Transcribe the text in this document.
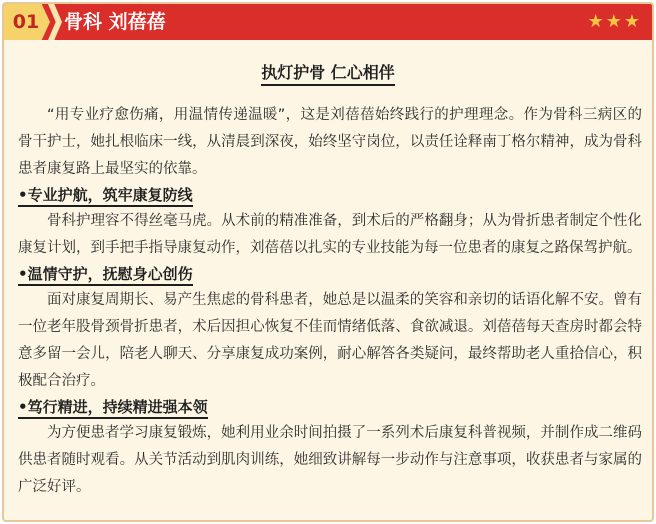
01 骨科 刘蓓蓓	★★★
执灯护骨 仁心相伴

“用专业疗愈伤痛，用温情传递温暖”，这是刘蓓蓓始终践行的护理理念。作为骨科三病区的骨干护士，她扎根临床一线，从清晨到深夜，始终坚守岗位，以责任诠释南丁格尔精神，成为骨科患者康复路上最坚实的依靠。

•专业护航，筑牢康复防线

骨科护理容不得丝毫马虎。从术前的精准准备，到术后的严格翻身；从为骨折患者制定个性化康复计划，到手把手指导康复动作，刘蓓蓓以扎实的专业技能为每一位患者的康复之路保驾护航。

•温情守护，抚慰身心创伤

面对康复周期长、易产生焦虑的骨科患者，她总是以温柔的笑容和亲切的话语化解不安。曾有一位老年股骨颈骨折患者，术后因担心恢复不佳而情绪低落、食欲减退。刘蓓蓓每天查房时都会特意多留一会儿，陪老人聊天、分享康复成功案例，耐心解答各类疑问，最终帮助老人重拾信心，积极配合治疗。

•笃行精进，持续精进强本领

为方便患者学习康复锻炼，她利用业余时间拍摄了一系列术后康复科普视频，并制作成二维码供患者随时观看。从关节活动到肌肉训练，她细致讲解每一步动作与注意事项，收获患者与家属的广泛好评。
